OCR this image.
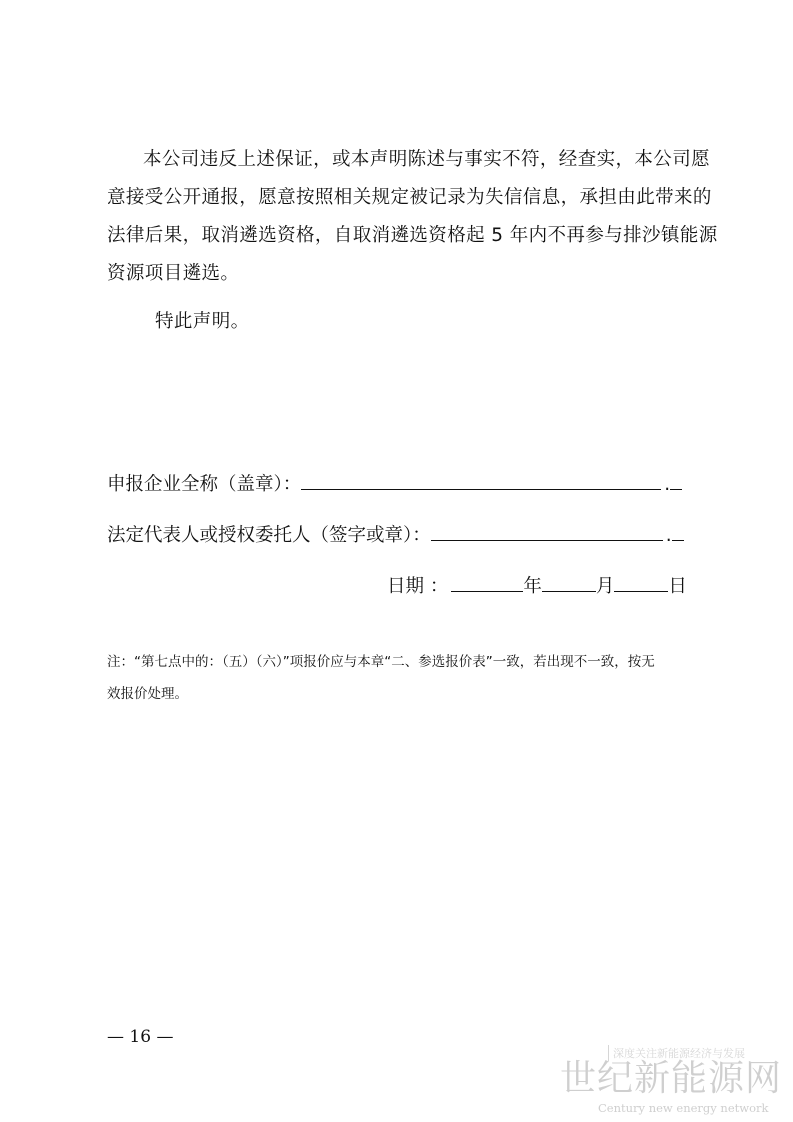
本公司违反上述保证，或本声明陈述与事实不符，经查实，本公司愿
意接受公开通报，愿意按照相关规定被记录为失信信息，承担由此带来的
法律后果，取消遴选资格，自取消遴选资格起 5 年内不再参与排沙镇能源
资源项目遴选。
特此声明。
申报企业全称（盖章）：	.
法定代表人或授权委托人（签字或章）：	.
日期 ：	年	月	日
注：“第七点中的：（五）（六）”项报价应与本章“二、参选报价表”一致，若出现不一致，按无
效报价处理。
— 16 —
深度关注新能源经济与发展
世纪新能源网
Century new energy network
